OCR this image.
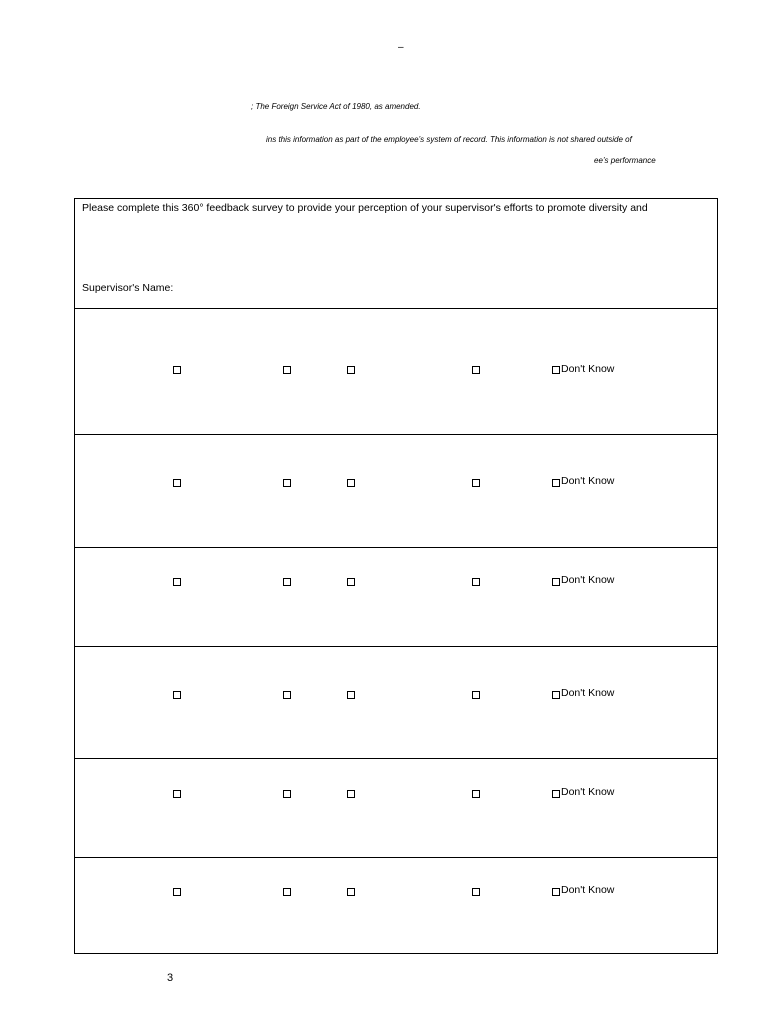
–
; The Foreign Service Act of 1980, as amended.
ins this information as part of the employee’s system of record. This information is not shared outside of
ee’s performance
Please complete this 360° feedback survey to provide your perception of your supervisor's efforts to promote diversity and
Supervisor's Name:
Don't Know
Don't Know
Don't Know
Don't Know
Don't Know
Don't Know
3
